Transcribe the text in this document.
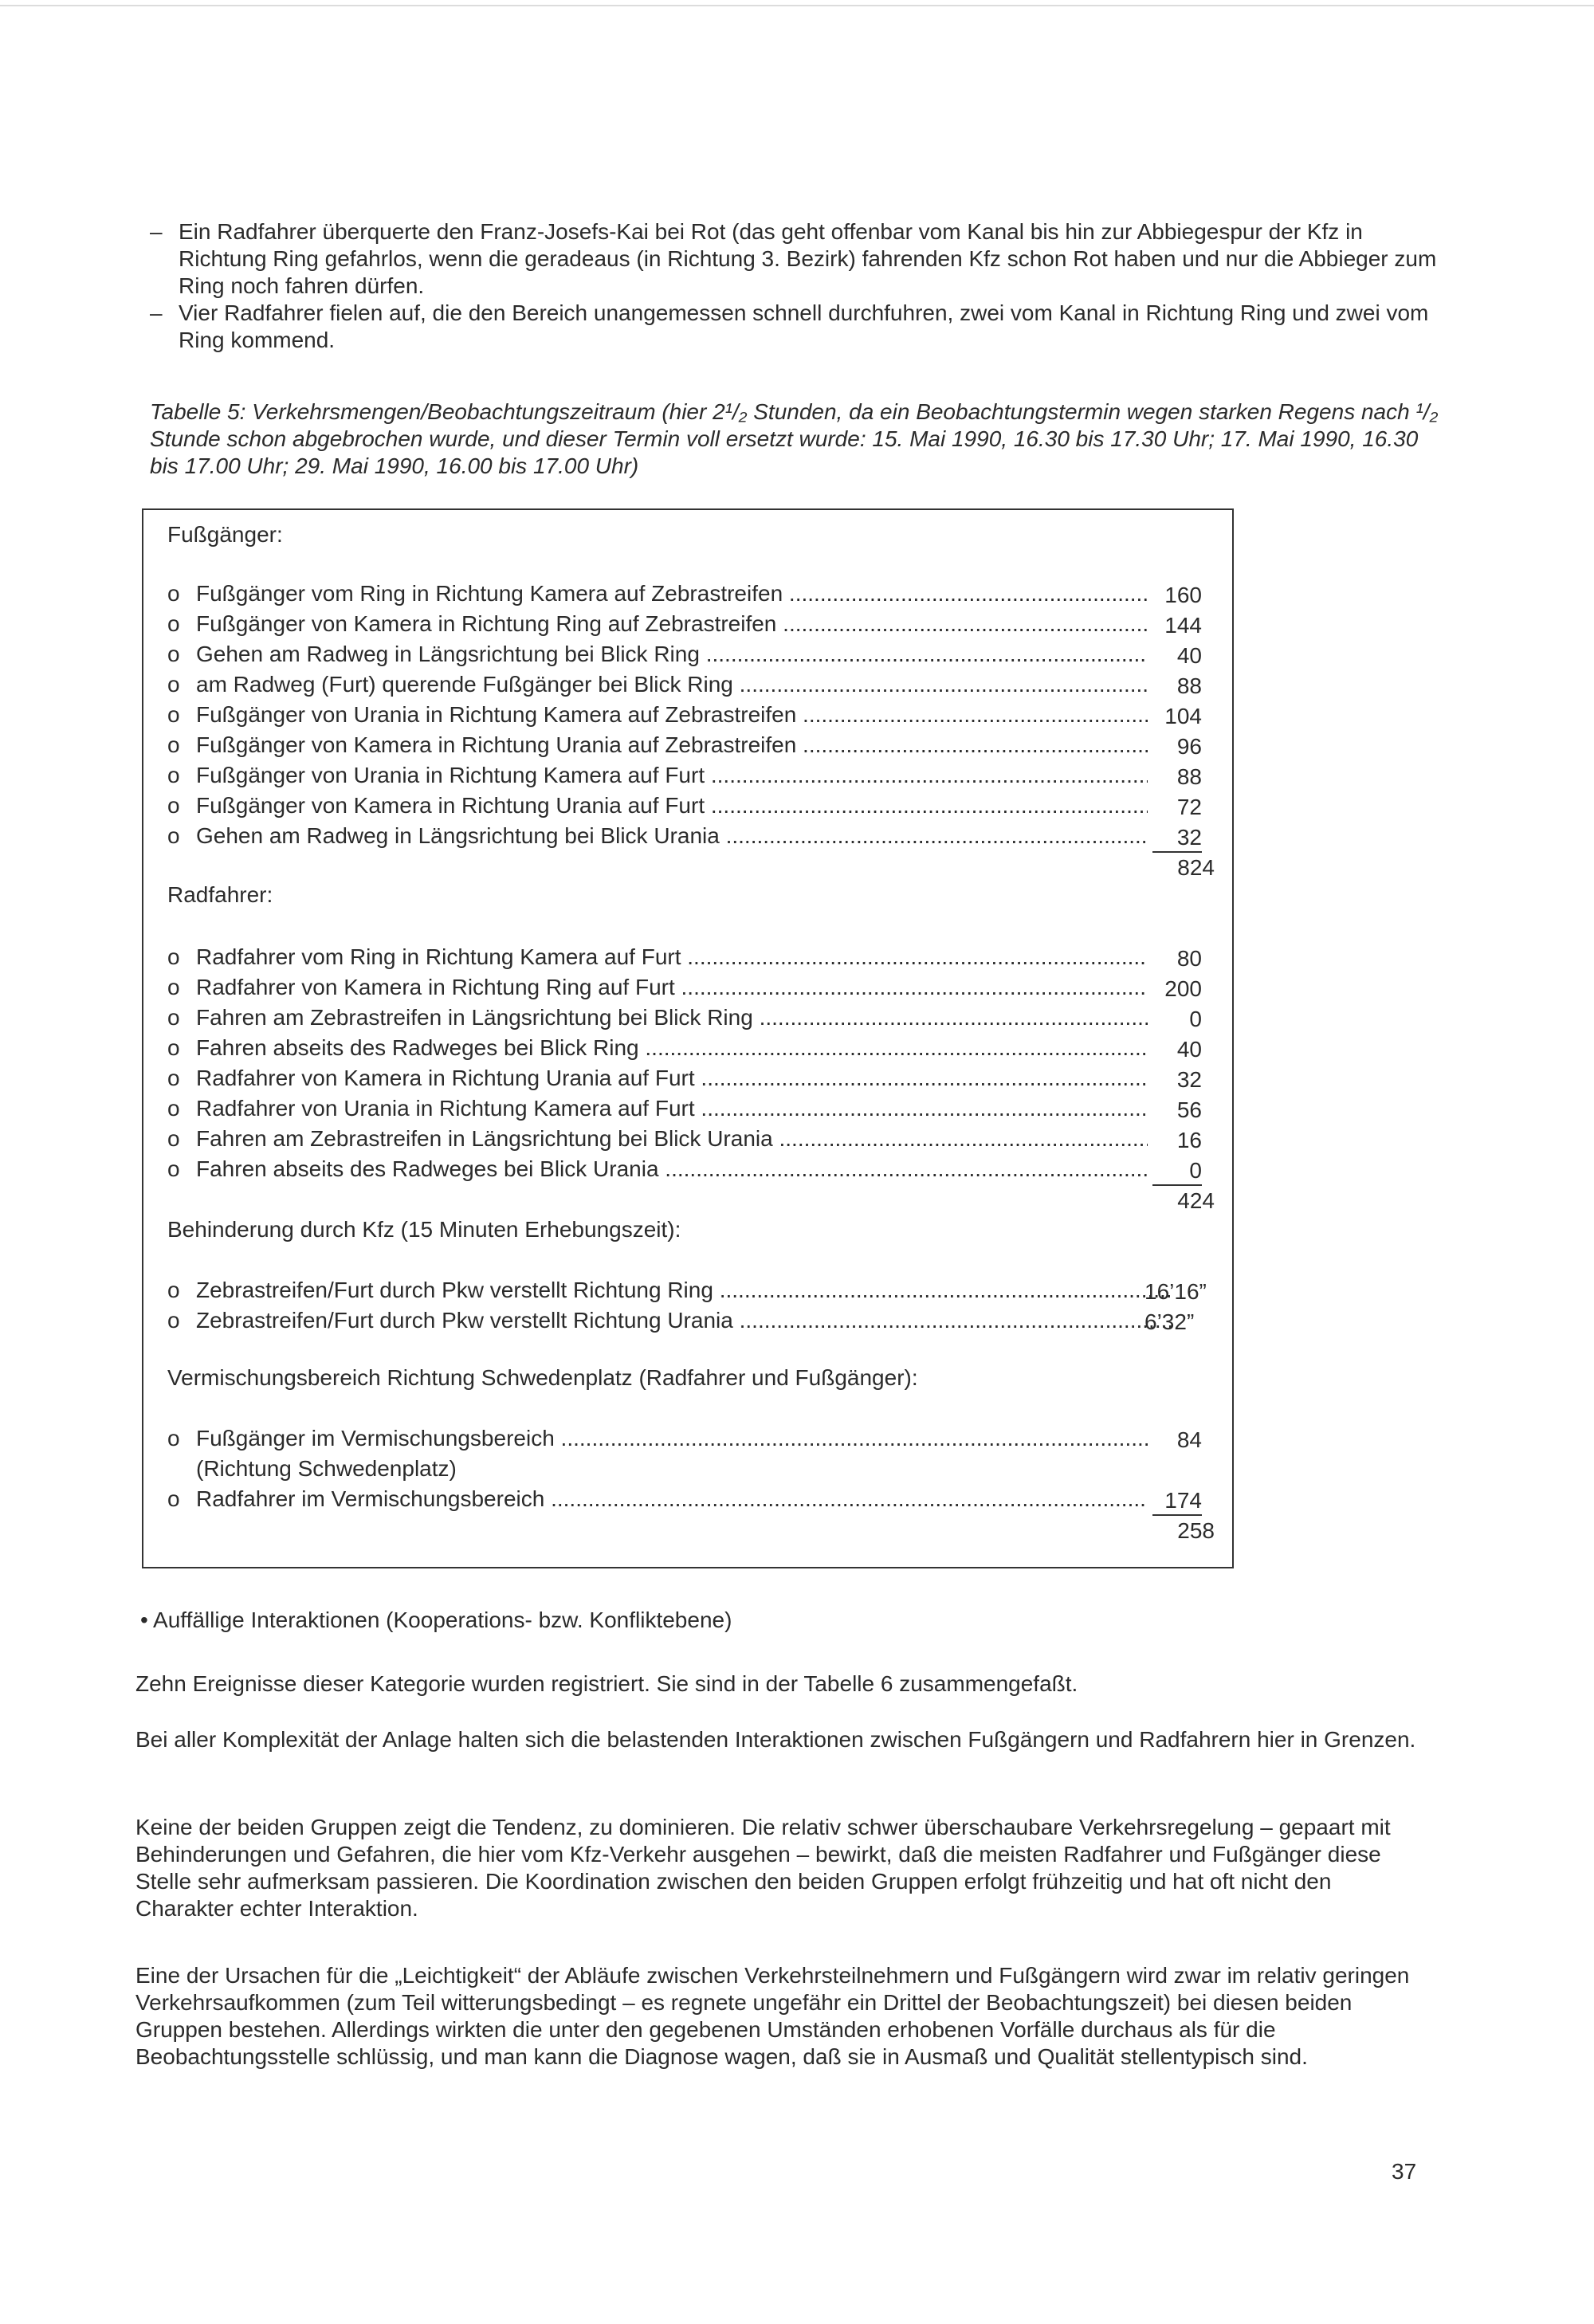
– Ein Radfahrer überquerte den Franz-Josefs-Kai bei Rot (das geht offenbar vom Kanal bis hin zur Abbiegespur der Kfz in Richtung Ring gefahrlos, wenn die geradeaus (in Richtung 3. Bezirk) fahrenden Kfz schon Rot haben und nur die Abbieger zum Ring noch fahren dürfen.
– Vier Radfahrer fielen auf, die den Bereich unangemessen schnell durchfuhren, zwei vom Kanal in Richtung Ring und zwei vom Ring kommend.

Tabelle 5: Verkehrsmengen/Beobachtungszeitraum (hier 2¹/₂ Stunden, da ein Beobachtungstermin wegen starken Regens nach ¹/₂ Stunde schon abgebrochen wurde, und dieser Termin voll ersetzt wurde: 15. Mai 1990, 16.30 bis 17.30 Uhr; 17. Mai 1990, 16.30 bis 17.00 Uhr; 29. Mai 1990, 16.00 bis 17.00 Uhr)

Fußgänger:
o Fußgänger vom Ring in Richtung Kamera auf Zebrastreifen .....	160
o Fußgänger von Kamera in Richtung Ring auf Zebrastreifen .....	144
o Gehen am Radweg in Längsrichtung bei Blick Ring .....	40
o am Radweg (Furt) querende Fußgänger bei Blick Ring .....	88
o Fußgänger von Urania in Richtung Kamera auf Zebrastreifen .....	104
o Fußgänger von Kamera in Richtung Urania auf Zebrastreifen .....	96
o Fußgänger von Urania in Richtung Kamera auf Furt .....	88
o Fußgänger von Kamera in Richtung Urania auf Furt .....	72
o Gehen am Radweg in Längsrichtung bei Blick Urania .....	32
824
Radfahrer:
o Radfahrer vom Ring in Richtung Kamera auf Furt .....	80
o Radfahrer von Kamera in Richtung Ring auf Furt .....	200
o Fahren am Zebrastreifen in Längsrichtung bei Blick Ring .....	0
o Fahren abseits des Radweges bei Blick Ring .....	40
o Radfahrer von Kamera in Richtung Urania auf Furt .....	32
o Radfahrer von Urania in Richtung Kamera auf Furt .....	56
o Fahren am Zebrastreifen in Längsrichtung bei Blick Urania .....	16
o Fahren abseits des Radweges bei Blick Urania .....	0
424
Behinderung durch Kfz (15 Minuten Erhebungszeit):
o Zebrastreifen/Furt durch Pkw verstellt Richtung Ring .....	16’16”
o Zebrastreifen/Furt durch Pkw verstellt Richtung Urania .....	6’32”
Vermischungsbereich Richtung Schwedenplatz (Radfahrer und Fußgänger):
o Fußgänger im Vermischungsbereich .....	84
(Richtung Schwedenplatz)
o Radfahrer im Vermischungsbereich .....	174
258
• Auffällige Interaktionen (Kooperations- bzw. Konfliktebene)

Zehn Ereignisse dieser Kategorie wurden registriert. Sie sind in der Tabelle 6 zusammengefaßt.

Bei aller Komplexität der Anlage halten sich die belastenden Interaktionen zwischen Fußgängern und Radfahrern hier in Grenzen.

Keine der beiden Gruppen zeigt die Tendenz, zu dominieren. Die relativ schwer überschaubare Verkehrsregelung – gepaart mit Behinderungen und Gefahren, die hier vom Kfz-Verkehr ausgehen – bewirkt, daß die meisten Radfahrer und Fußgänger diese Stelle sehr aufmerksam passieren. Die Koordination zwischen den beiden Gruppen erfolgt frühzeitig und hat oft nicht den Charakter echter Interaktion.

Eine der Ursachen für die „Leichtigkeit“ der Abläufe zwischen Verkehrsteilnehmern und Fußgängern wird zwar im relativ geringen Verkehrsaufkommen (zum Teil witterungsbedingt – es regnete ungefähr ein Drittel der Beobachtungszeit) bei diesen beiden Gruppen bestehen. Allerdings wirkten die unter den gegebenen Umständen erhobenen Vorfälle durchaus als für die Beobachtungsstelle schlüssig, und man kann die Diagnose wagen, daß sie in Ausmaß und Qualität stellentypisch sind.

37
